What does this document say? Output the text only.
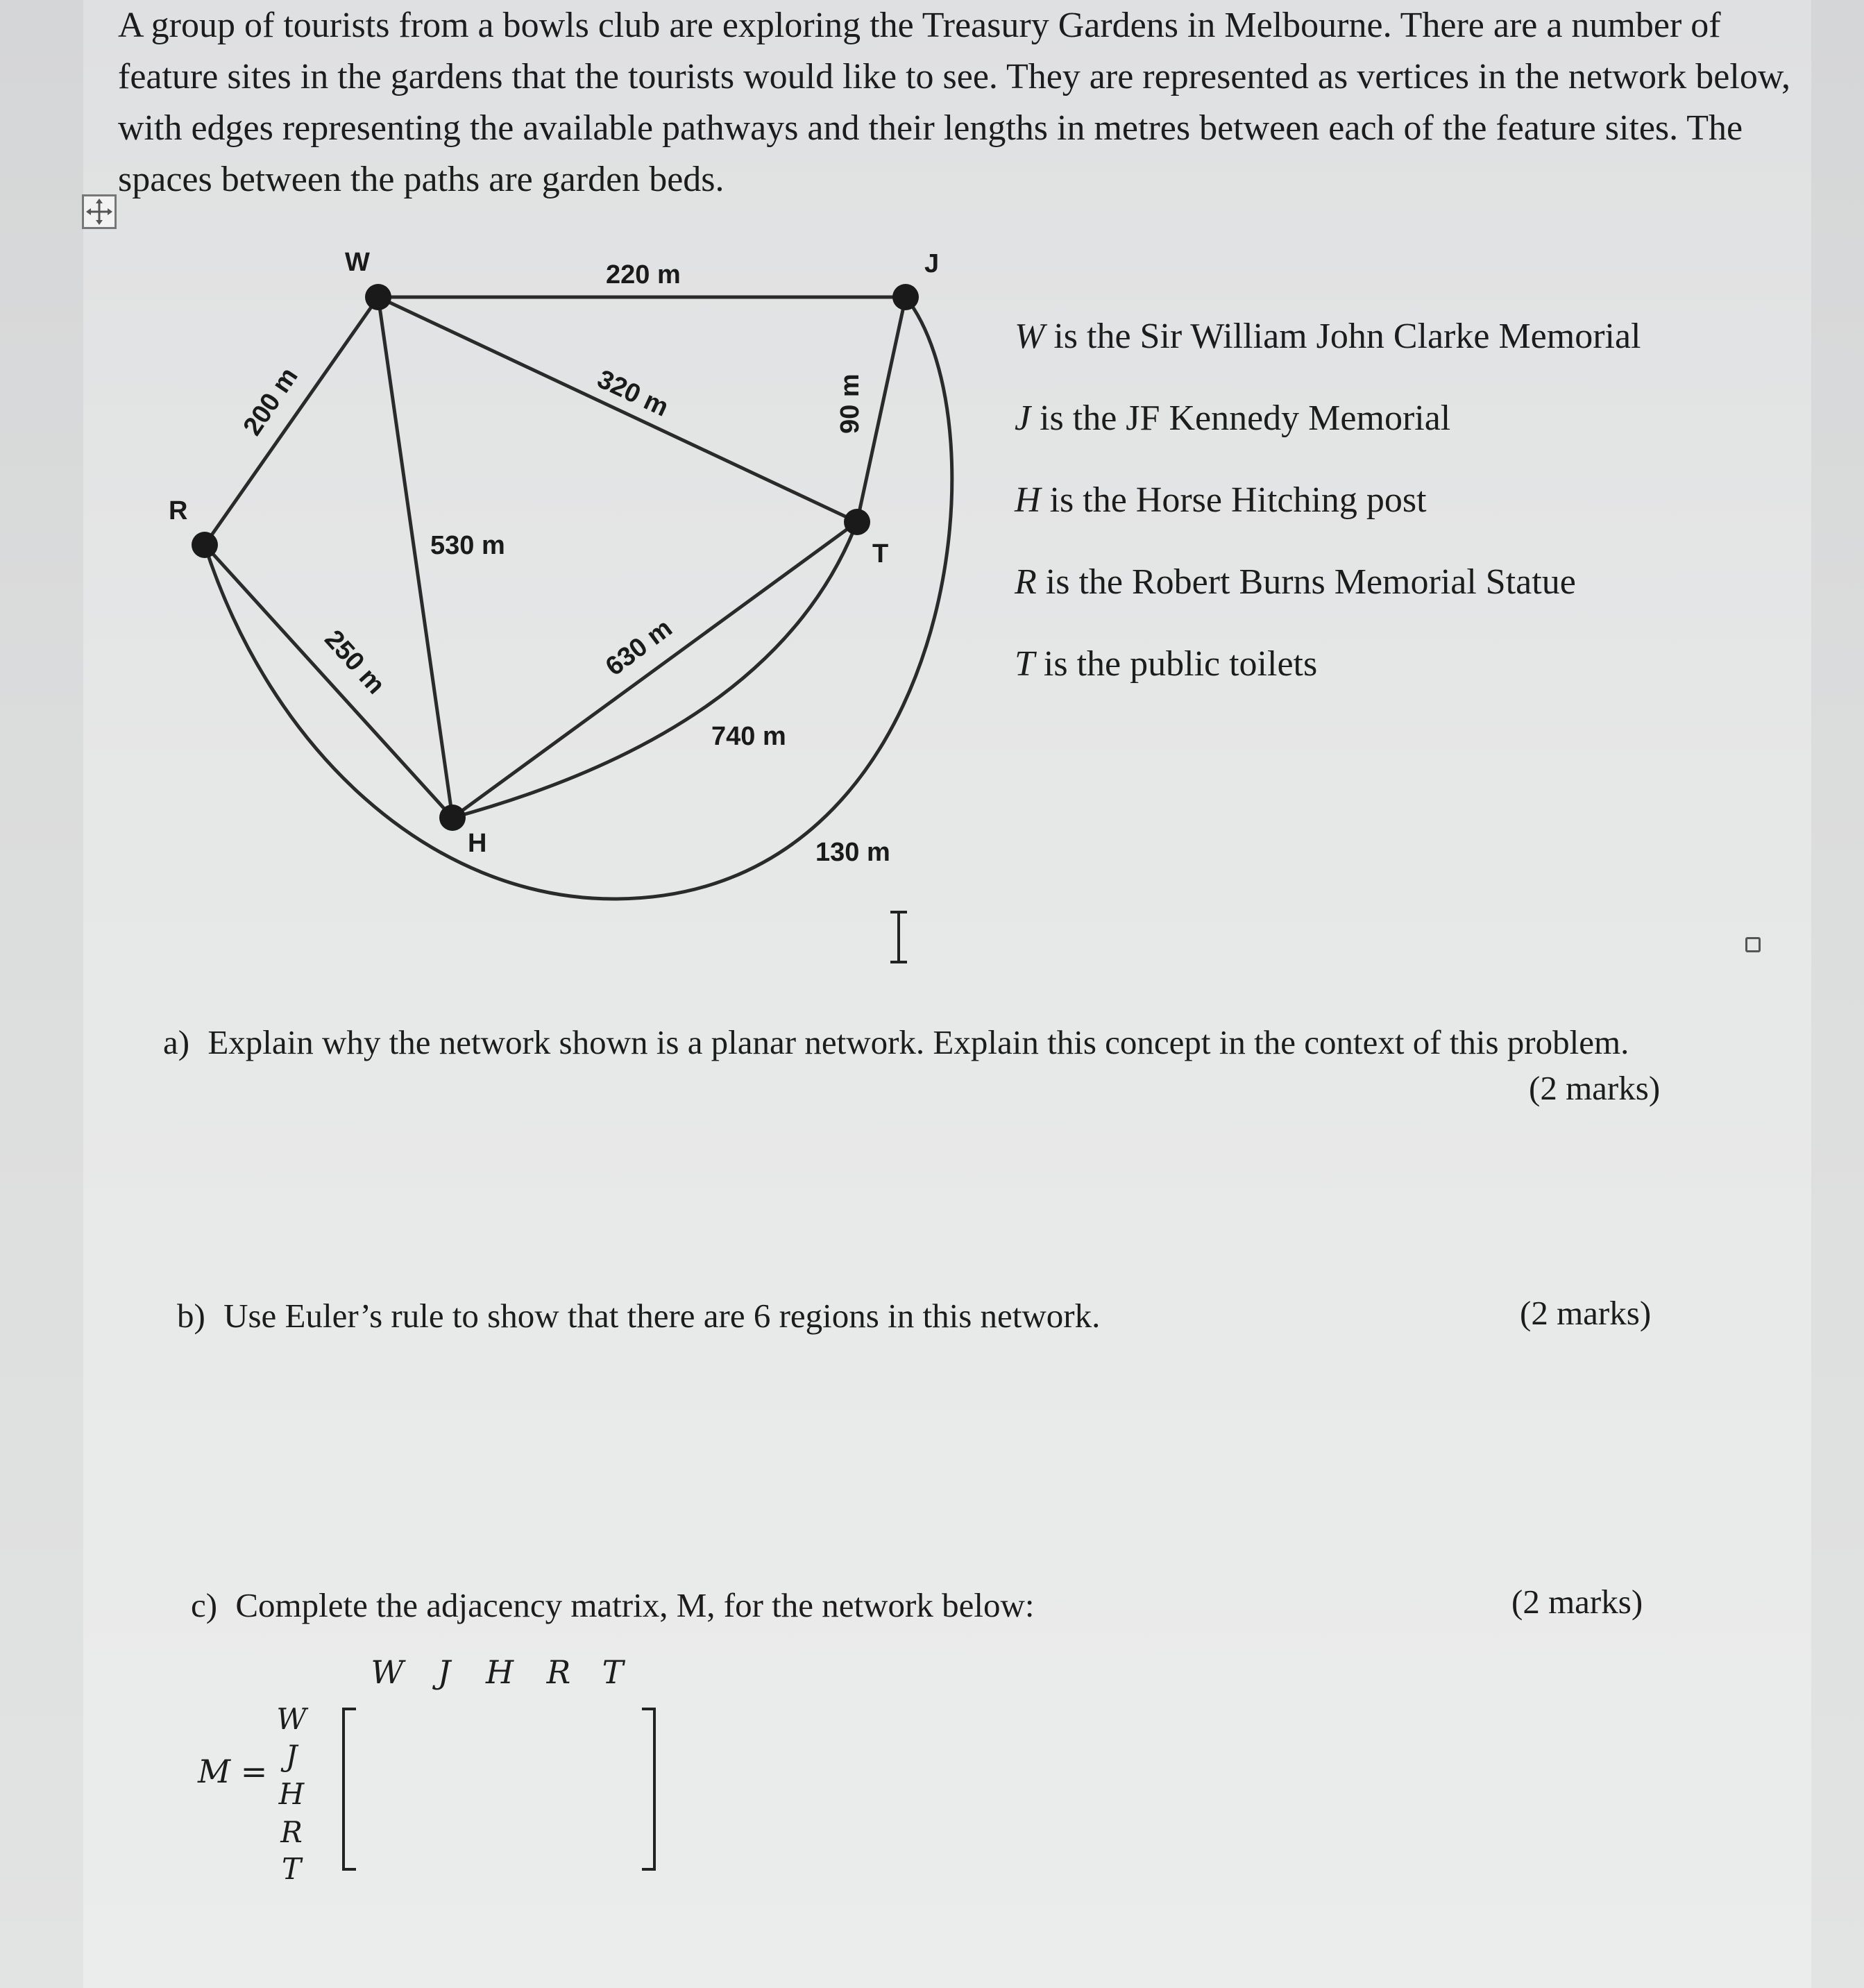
A group of tourists from a bowls club are exploring the Treasury Gardens in Melbourne. There are a number of feature sites in the gardens that the tourists would like to see. They are represented as vertices in the network below, with edges representing the available pathways and their lengths in metres between each of the feature sites. The spaces between the paths are garden beds.

W	J
R
T
H
220 m
320 m	90 m
200 m
530 m
250 m	630 m
740 m
130 m
W is the Sir William John Clarke Memorial
J is the JF Kennedy Memorial
H is the Horse Hitching post
R is the Robert Burns Memorial Statue
T is the public toilets
a) Explain why the network shown is a planar network. Explain this concept in the context of this problem.
(2 marks)
b) Use Euler’s rule to show that there are 6 regions in this network.	(2 marks)
c) Complete the adjacency matrix, M, for the network below:	(2 marks)
W	J	H R T
M =
W
J
H
R
T
